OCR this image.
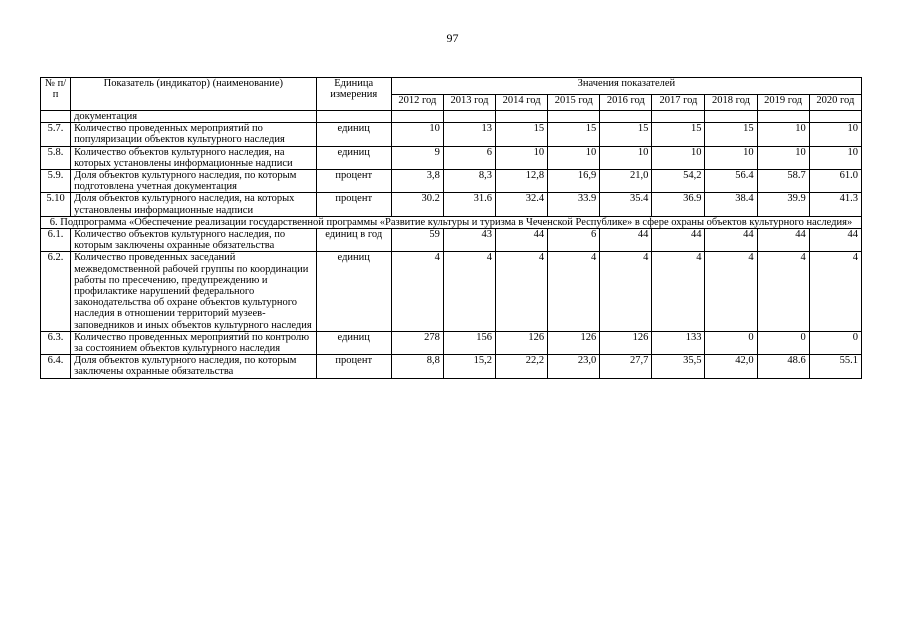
97
№ п/п	Показатель (индикатор) (наименование)	Единица измерения	Значения показателей								
			2012 год	2013 год	2014 год	2015 год	2016 год	2017 год	2018 год	2019 год	2020 год
	документация										
5.7.	Количество проведенных мероприятий по популяризации объектов культурного наследия	единиц	10	13	15	15	15	15	15	10	10
5.8.	Количество объектов культурного наследия, на которых установлены информационные надписи	единиц	9	6	10	10	10	10	10	10	10
5.9.	Доля объектов культурного наследия, по которым подготовлена учетная документация	процент	3,8	8,3	12,8	16,9	21,0	54,2	56.4	58.7	61.0
5.10	Доля объектов культурного наследия, на которых установлены информационные надписи	процент	30.2	31.6	32.4	33.9	35.4	36.9	38.4	39.9	41.3
6. Подпрограмма «Обеспечение реализации государственной программы «Развитие культуры и туризма в Чеченской Республике» в сфере охраны объектов культурного наследия»											
6.1.	Количество объектов культурного наследия, по которым заключены охранные обязательства	единиц в год	59	43	44	6	44	44	44	44	44
6.2.	Количество проведенных заседаний межведомственной рабочей группы по координации работы по пресечению, предупреждению и профилактике нарушений федерального законодательства об охране объектов культурного наследия в отношении территорий музеев-заповедников и иных объектов культурного наследия	единиц	4	4	4	4	4	4	4	4	4
6.3.	Количество проведенных мероприятий по контролю за состоянием объектов культурного наследия	единиц	278	156	126	126	126	133	0	0	0
6.4.	Доля объектов культурного наследия, по которым заключены охранные обязательства	процент	8,8	15,2	22,2	23,0	27,7	35,5	42,0	48.6	55.1
